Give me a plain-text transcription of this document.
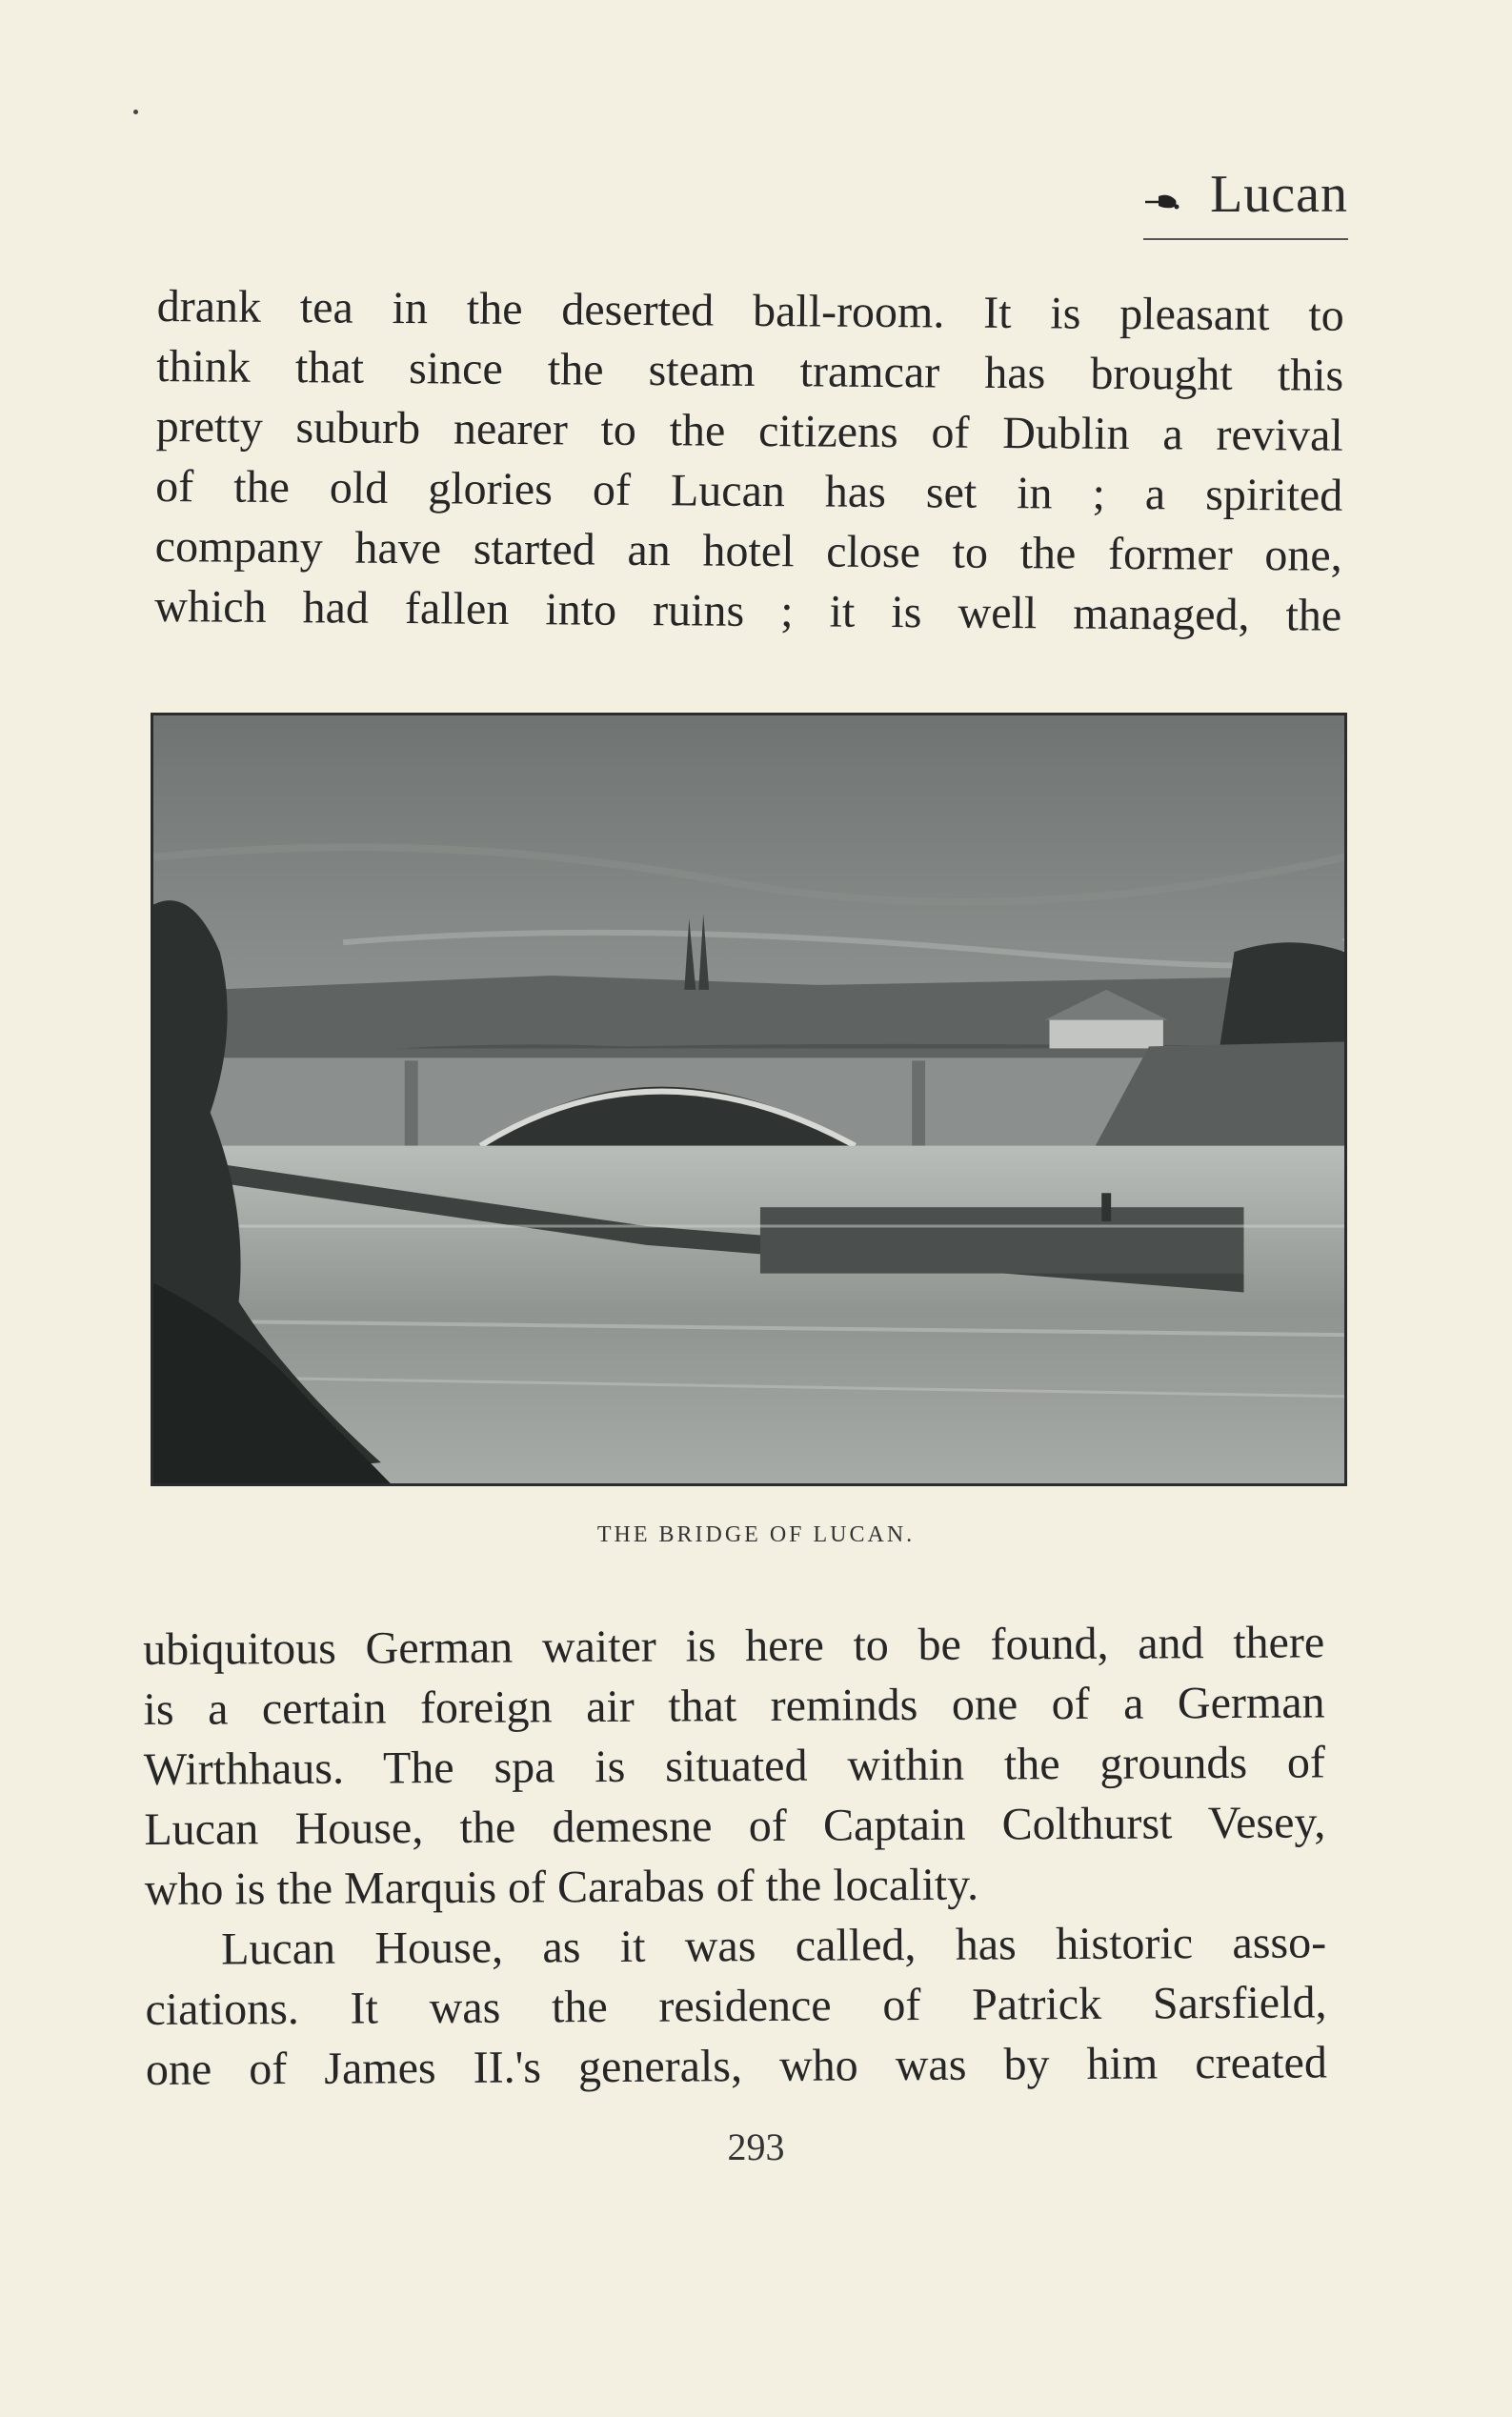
Lucan

drank tea in the deserted ball-room. It is pleasant to
think that since the steam tramcar has brought this
pretty suburb nearer to the citizens of Dublin a revival
of the old glories of Lucan has set in ; a spirited
company have started an hotel close to the former one,
which had fallen into ruins ; it is well managed, the

THE BRIDGE OF LUCAN.

ubiquitous German waiter is here to be found, and there
is a certain foreign air that reminds one of a German
Wirthhaus. The spa is situated within the grounds of
Lucan House, the demesne of Captain Colthurst Vesey,
who is the Marquis of Carabas of the locality.
Lucan House, as it was called, has historic asso-
ciations. It was the residence of Patrick Sarsfield,
one of James II.'s generals, who was by him created

293
